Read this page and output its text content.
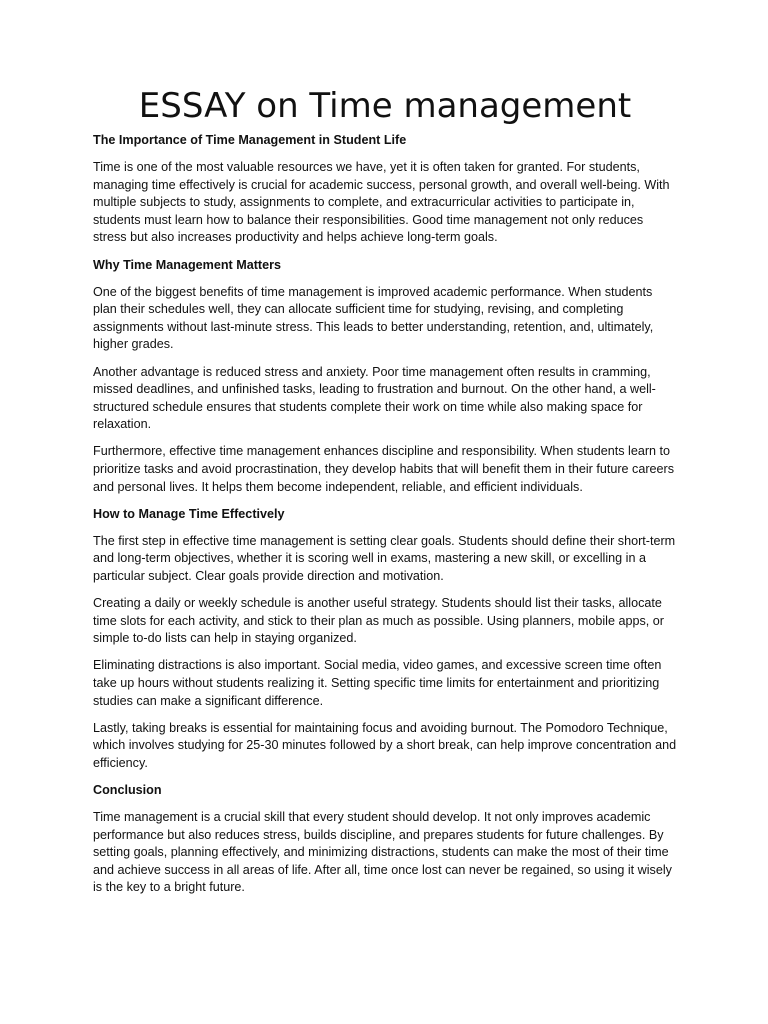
ESSAY on Time management
The Importance of Time Management in Student Life

Time is one of the most valuable resources we have, yet it is often taken for granted. For students, managing time effectively is crucial for academic success, personal growth, and overall well-being. With multiple subjects to study, assignments to complete, and extracurricular activities to participate in, students must learn how to balance their responsibilities. Good time management not only reduces stress but also increases productivity and helps achieve long-term goals.

Why Time Management Matters

One of the biggest benefits of time management is improved academic performance. When students plan their schedules well, they can allocate sufficient time for studying, revising, and completing assignments without last-minute stress. This leads to better understanding, retention, and, ultimately, higher grades.

Another advantage is reduced stress and anxiety. Poor time management often results in cramming, missed deadlines, and unfinished tasks, leading to frustration and burnout. On the other hand, a well-structured schedule ensures that students complete their work on time while also making space for relaxation.

Furthermore, effective time management enhances discipline and responsibility. When students learn to prioritize tasks and avoid procrastination, they develop habits that will benefit them in their future careers and personal lives. It helps them become independent, reliable, and efficient individuals.

How to Manage Time Effectively

The first step in effective time management is setting clear goals. Students should define their short-term and long-term objectives, whether it is scoring well in exams, mastering a new skill, or excelling in a particular subject. Clear goals provide direction and motivation.

Creating a daily or weekly schedule is another useful strategy. Students should list their tasks, allocate time slots for each activity, and stick to their plan as much as possible. Using planners, mobile apps, or simple to-do lists can help in staying organized.

Eliminating distractions is also important. Social media, video games, and excessive screen time often take up hours without students realizing it. Setting specific time limits for entertainment and prioritizing studies can make a significant difference.

Lastly, taking breaks is essential for maintaining focus and avoiding burnout. The Pomodoro Technique, which involves studying for 25-30 minutes followed by a short break, can help improve concentration and efficiency.

Conclusion

Time management is a crucial skill that every student should develop. It not only improves academic performance but also reduces stress, builds discipline, and prepares students for future challenges. By setting goals, planning effectively, and minimizing distractions, students can make the most of their time and achieve success in all areas of life. After all, time once lost can never be regained, so using it wisely is the key to a bright future.
